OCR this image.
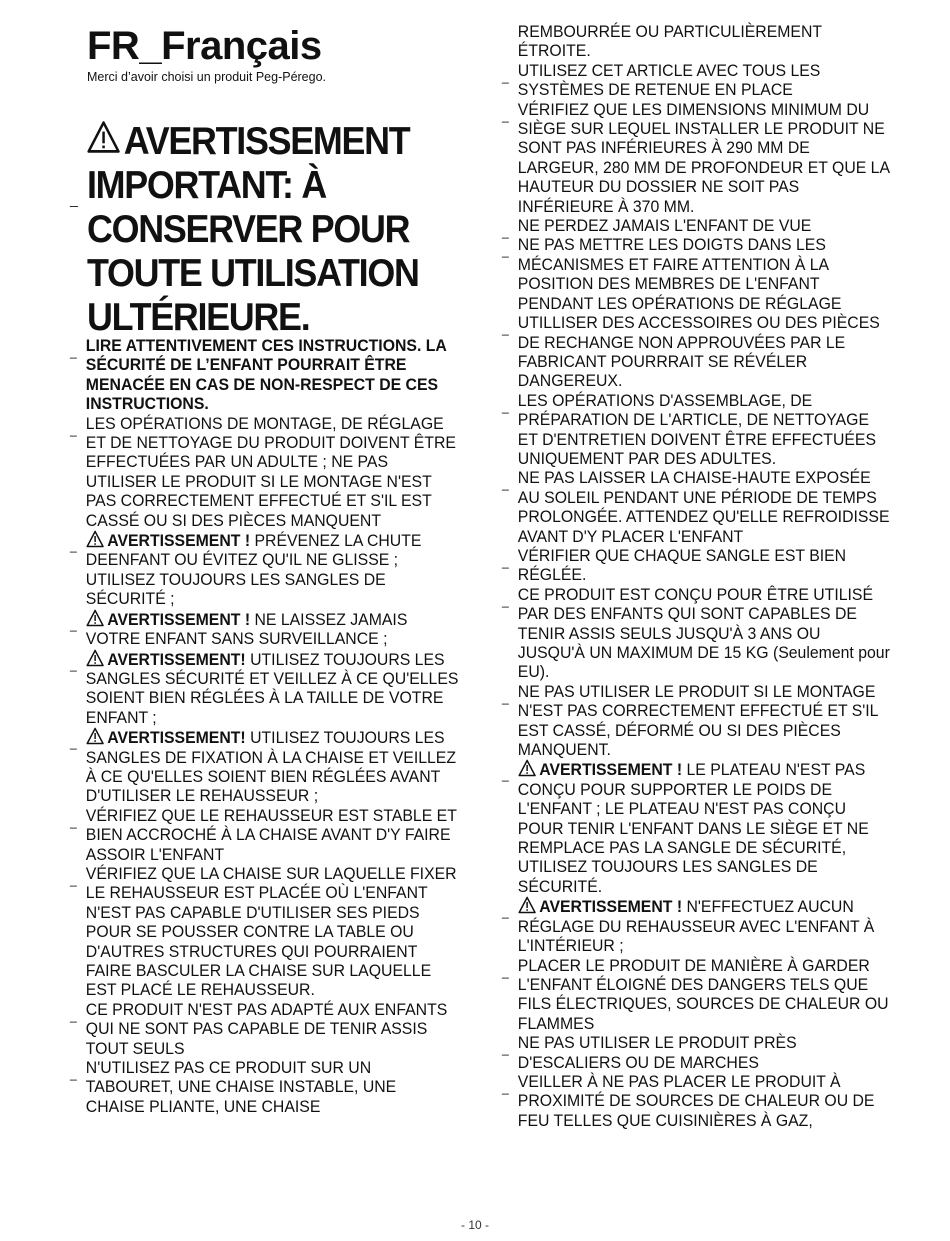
FR_Français

Merci d’avoir choisi un produit Peg-Pérego.

_
AVERTISSEMENT IMPORTANT: À CONSERVER POUR TOUTE UTILISATION ULTÉRIEURE.

_ LIRE ATTENTIVEMENT CES INSTRUCTIONS. LA SÉCURITÉ DE L’ENFANT POURRAIT ÊTRE MENACÉE EN CAS DE NON-RESPECT DE CES INSTRUCTIONS.

_ LES OPÉRATIONS DE MONTAGE, DE RÉGLAGE ET DE NETTOYAGE DU PRODUIT DOIVENT ÊTRE EFFECTUÉES PAR UN ADULTE ; NE PAS UTILISER LE PRODUIT SI LE MONTAGE N'EST PAS CORRECTEMENT EFFECTUÉ ET S'IL EST CASSÉ OU SI DES PIÈCES MANQUENT

_ AVERTISSEMENT ! PRÉVENEZ LA CHUTE DEENFANT OU ÉVITEZ QU'IL NE GLISSE ; UTILISEZ TOUJOURS LES SANGLES DE SÉCURITÉ ;

_ AVERTISSEMENT ! NE LAISSEZ JAMAIS VOTRE ENFANT SANS SURVEILLANCE ;

_ AVERTISSEMENT! UTILISEZ TOUJOURS LES SANGLES SÉCURITÉ ET VEILLEZ À CE QU'ELLES SOIENT BIEN RÉGLÉES À LA TAILLE DE VOTRE ENFANT ;

_ AVERTISSEMENT! UTILISEZ TOUJOURS LES SANGLES DE FIXATION À LA CHAISE ET VEILLEZ À CE QU'ELLES SOIENT BIEN RÉGLÉES AVANT D'UTILISER LE REHAUSSEUR ;

_ VÉRIFIEZ QUE LE REHAUSSEUR EST STABLE ET BIEN ACCROCHÉ À LA CHAISE AVANT D'Y FAIRE ASSOIR L'ENFANT

_ VÉRIFIEZ QUE LA CHAISE SUR LAQUELLE FIXER LE REHAUSSEUR EST PLACÉE OÙ L'ENFANT N'EST PAS CAPABLE D'UTILISER SES PIEDS POUR SE POUSSER CONTRE LA TABLE OU D'AUTRES STRUCTURES QUI POURRAIENT FAIRE BASCULER LA CHAISE SUR LAQUELLE EST PLACÉ LE REHAUSSEUR.

_ CE PRODUIT N'EST PAS ADAPTÉ AUX ENFANTS QUI NE SONT PAS CAPABLE DE TENIR ASSIS TOUT SEULS

_ N'UTILISEZ PAS CE PRODUIT SUR UN TABOURET, UNE CHAISE INSTABLE, UNE CHAISE PLIANTE, UNE CHAISE

REMBOURRÉE OU PARTICULIÈREMENT ÉTROITE.

_ UTILISEZ CET ARTICLE AVEC TOUS LES SYSTÈMES DE RETENUE EN PLACE

_ VÉRIFIEZ QUE LES DIMENSIONS MINIMUM DU SIÈGE SUR LEQUEL INSTALLER LE PRODUIT NE SONT PAS INFÉRIEURES À 290 MM DE LARGEUR, 280 MM DE PROFONDEUR ET QUE LA HAUTEUR DU DOSSIER NE SOIT PAS INFÉRIEURE À 370 MM.

_ NE PERDEZ JAMAIS L'ENFANT DE VUE

_ NE PAS METTRE LES DOIGTS DANS LES MÉCANISMES ET FAIRE ATTENTION À LA POSITION DES MEMBRES DE L'ENFANT PENDANT LES OPÉRATIONS DE RÉGLAGE

_ UTILLISER DES ACCESSOIRES OU DES PIÈCES DE RECHANGE NON APPROUVÉES PAR LE FABRICANT POURRRAIT SE RÉVÉLER DANGEREUX.

_ LES OPÉRATIONS D'ASSEMBLAGE, DE PRÉPARATION DE L'ARTICLE, DE NETTOYAGE ET D'ENTRETIEN DOIVENT ÊTRE EFFECTUÉES UNIQUEMENT PAR DES ADULTES.

_ NE PAS LAISSER LA CHAISE-HAUTE EXPOSÉE AU SOLEIL PENDANT UNE PÉRIODE DE TEMPS PROLONGÉE. ATTENDEZ QU'ELLE REFROIDISSE AVANT D'Y PLACER L'ENFANT

_ VÉRIFIER QUE CHAQUE SANGLE EST BIEN RÉGLÉE.

_ CE PRODUIT EST CONÇU POUR ÊTRE UTILISÉ PAR DES ENFANTS QUI SONT CAPABLES DE TENIR ASSIS SEULS JUSQU'À 3 ANS OU JUSQU'À UN MAXIMUM DE 15 KG (Seulement pour EU).

_ NE PAS UTILISER LE PRODUIT SI LE MONTAGE N'EST PAS CORRECTEMENT EFFECTUÉ ET S'IL EST CASSÉ, DÉFORMÉ OU SI DES PIÈCES MANQUENT.

_ AVERTISSEMENT ! LE PLATEAU N'EST PAS CONÇU POUR SUPPORTER LE POIDS DE L'ENFANT ; LE PLATEAU N'EST PAS CONÇU POUR TENIR L'ENFANT DANS LE SIÈGE ET NE REMPLACE PAS LA SANGLE DE SÉCURITÉ, UTILISEZ TOUJOURS LES SANGLES DE SÉCURITÉ.

_ AVERTISSEMENT ! N'EFFECTUEZ AUCUN RÉGLAGE DU REHAUSSEUR AVEC L'ENFANT À L'INTÉRIEUR ;

_ PLACER LE PRODUIT DE MANIÈRE À GARDER L'ENFANT ÉLOIGNÉ DES DANGERS TELS QUE FILS ÉLECTRIQUES, SOURCES DE CHALEUR OU FLAMMES

_ NE PAS UTILISER LE PRODUIT PRÈS D'ESCALIERS OU DE MARCHES

_ VEILLER À NE PAS PLACER LE PRODUIT À PROXIMITÉ DE SOURCES DE CHALEUR OU DE FEU TELLES QUE CUISINIÈRES À GAZ,

- 10 -
